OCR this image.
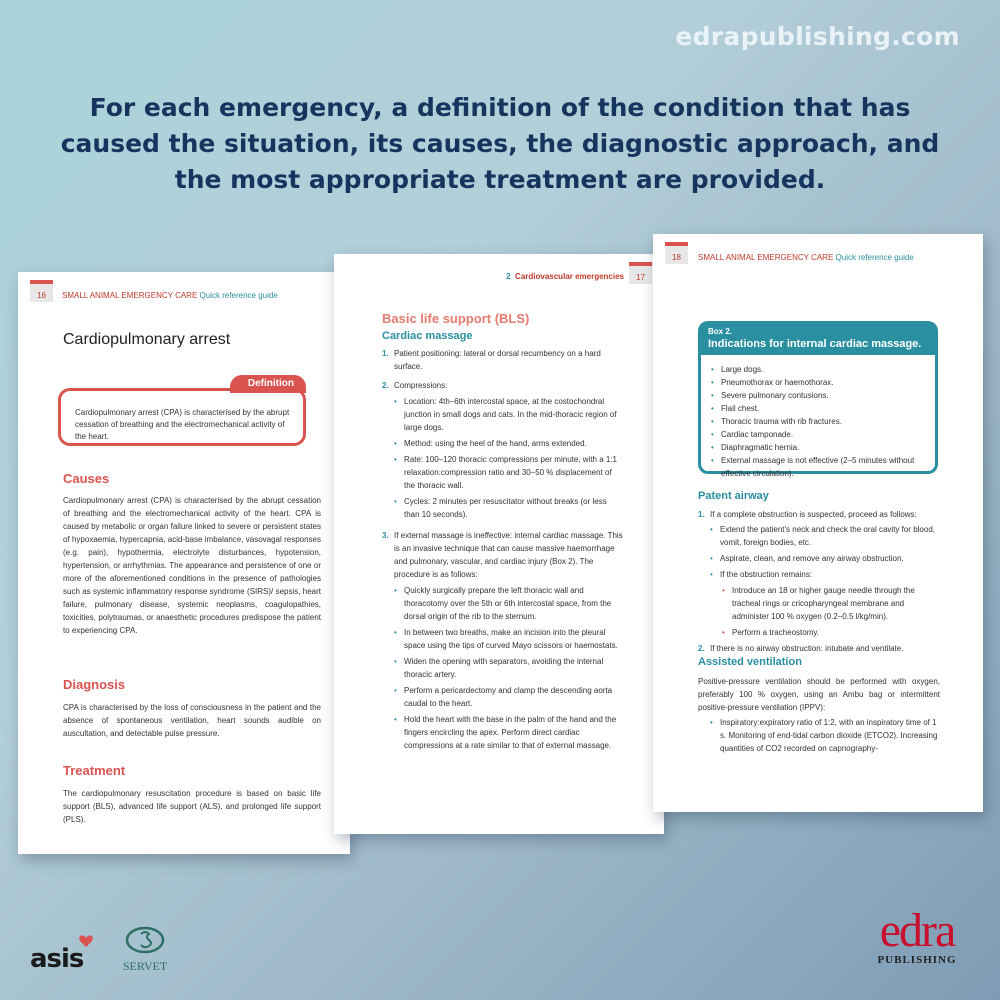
edrapublishing.com
For each emergency, a definition of the condition that has caused the situation, its causes, the diagnostic approach, and the most appropriate treatment are provided.
16	SMALL ANIMAL EMERGENCY CARE Quick reference guide
Cardiopulmonary arrest
Definition
Cardiopulmonary arrest (CPA) is characterised by the abrupt cessation of breathing and the electromechanical activity of the heart.
Causes
Cardiopulmonary arrest (CPA) is characterised by the abrupt cessation of breathing and the electromechanical activity of the heart. CPA is caused by metabolic or organ failure linked to severe or persistent states of hypoxaemia, hypercapnia, acid-base imbalance, vasovagal responses (e.g. pain), hypothermia, electrolyte disturbances, hypotension, hypertension, or arrhythmias. The appearance and persistence of one or more of the aforementioned conditions in the presence of pathologies such as systemic inflammatory response syndrome (SIRS)/ sepsis, heart failure, pulmonary disease, systemic neoplasms, coagulopathies, toxicities, polytraumas, or anaesthetic procedures predispose the patient to experiencing CPA.
Diagnosis
CPA is characterised by the loss of consciousness in the patient and the absence of spontaneous ventilation, heart sounds audible on auscultation, and detectable pulse pressure.
Treatment
The cardiopulmonary resuscitation procedure is based on basic life support (BLS), advanced life support (ALS), and prolonged life support (PLS).
2 Cardiovascular emergencies	17
Basic life support (BLS)
Cardiac massage
1. Patient positioning: lateral or dorsal recumbency on a hard surface.
2. Compressions:
• Location: 4th–6th intercostal space, at the costochondral junction in small dogs and cats. In the mid-thoracic region of large dogs.
• Method: using the heel of the hand, arms extended.
• Rate: 100–120 thoracic compressions per minute, with a 1:1 relaxation:compression ratio and 30–50 % displacement of the thoracic wall.
• Cycles: 2 minutes per resuscitator without breaks (or less than 10 seconds).
3. If external massage is ineffective: internal cardiac massage. This is an invasive technique that can cause massive haemorrhage and pulmonary, vascular, and cardiac injury (Box 2). The procedure is as follows:
• Quickly surgically prepare the left thoracic wall and thoracotomy over the 5th or 6th intercostal space, from the dorsal origin of the rib to the sternum.
• In between two breaths, make an incision into the pleural space using the tips of curved Mayo scissors or haemostats.
• Widen the opening with separators, avoiding the internal thoracic artery.
• Perform a pericardectomy and clamp the descending aorta caudal to the heart.
• Hold the heart with the base in the palm of the hand and the fingers encircling the apex. Perform direct cardiac compressions at a rate similar to that of external massage.
18	SMALL ANIMAL EMERGENCY CARE Quick reference guide
Box 2.
Indications for internal cardiac massage.
• Large dogs.
• Pneumothorax or haemothorax.
• Severe pulmonary contusions.
• Flail chest.
• Thoracic trauma with rib fractures.
• Cardiac tamponade.
• Diaphragmatic hernia.
• External massage is not effective (2–5 minutes without effective circulation).
Patent airway
1. If a complete obstruction is suspected, proceed as follows:
• Extend the patient's neck and check the oral cavity for blood, vomit, foreign bodies, etc.
• Aspirate, clean, and remove any airway obstruction.
• If the obstruction remains:
• Introduce an 18 or higher gauge needle through the tracheal rings or cricopharyngeal membrane and administer 100 % oxygen (0.2–0.5 l/kg/min).
• Perform a tracheostomy.
2. If there is no airway obstruction: intubate and ventilate.
Assisted ventilation
Positive-pressure ventilation should be performed with oxygen, preferably 100 % oxygen, using an Ambu bag or intermittent positive-pressure ventilation (IPPV):
• Inspiratory:expiratory ratio of 1:2, with an inspiratory time of 1 s. Monitoring of end-tidal carbon dioxide (ETCO2). Increasing quantities of CO2 recorded on capnography-
asis	SERVET
edra
PUBLISHING
